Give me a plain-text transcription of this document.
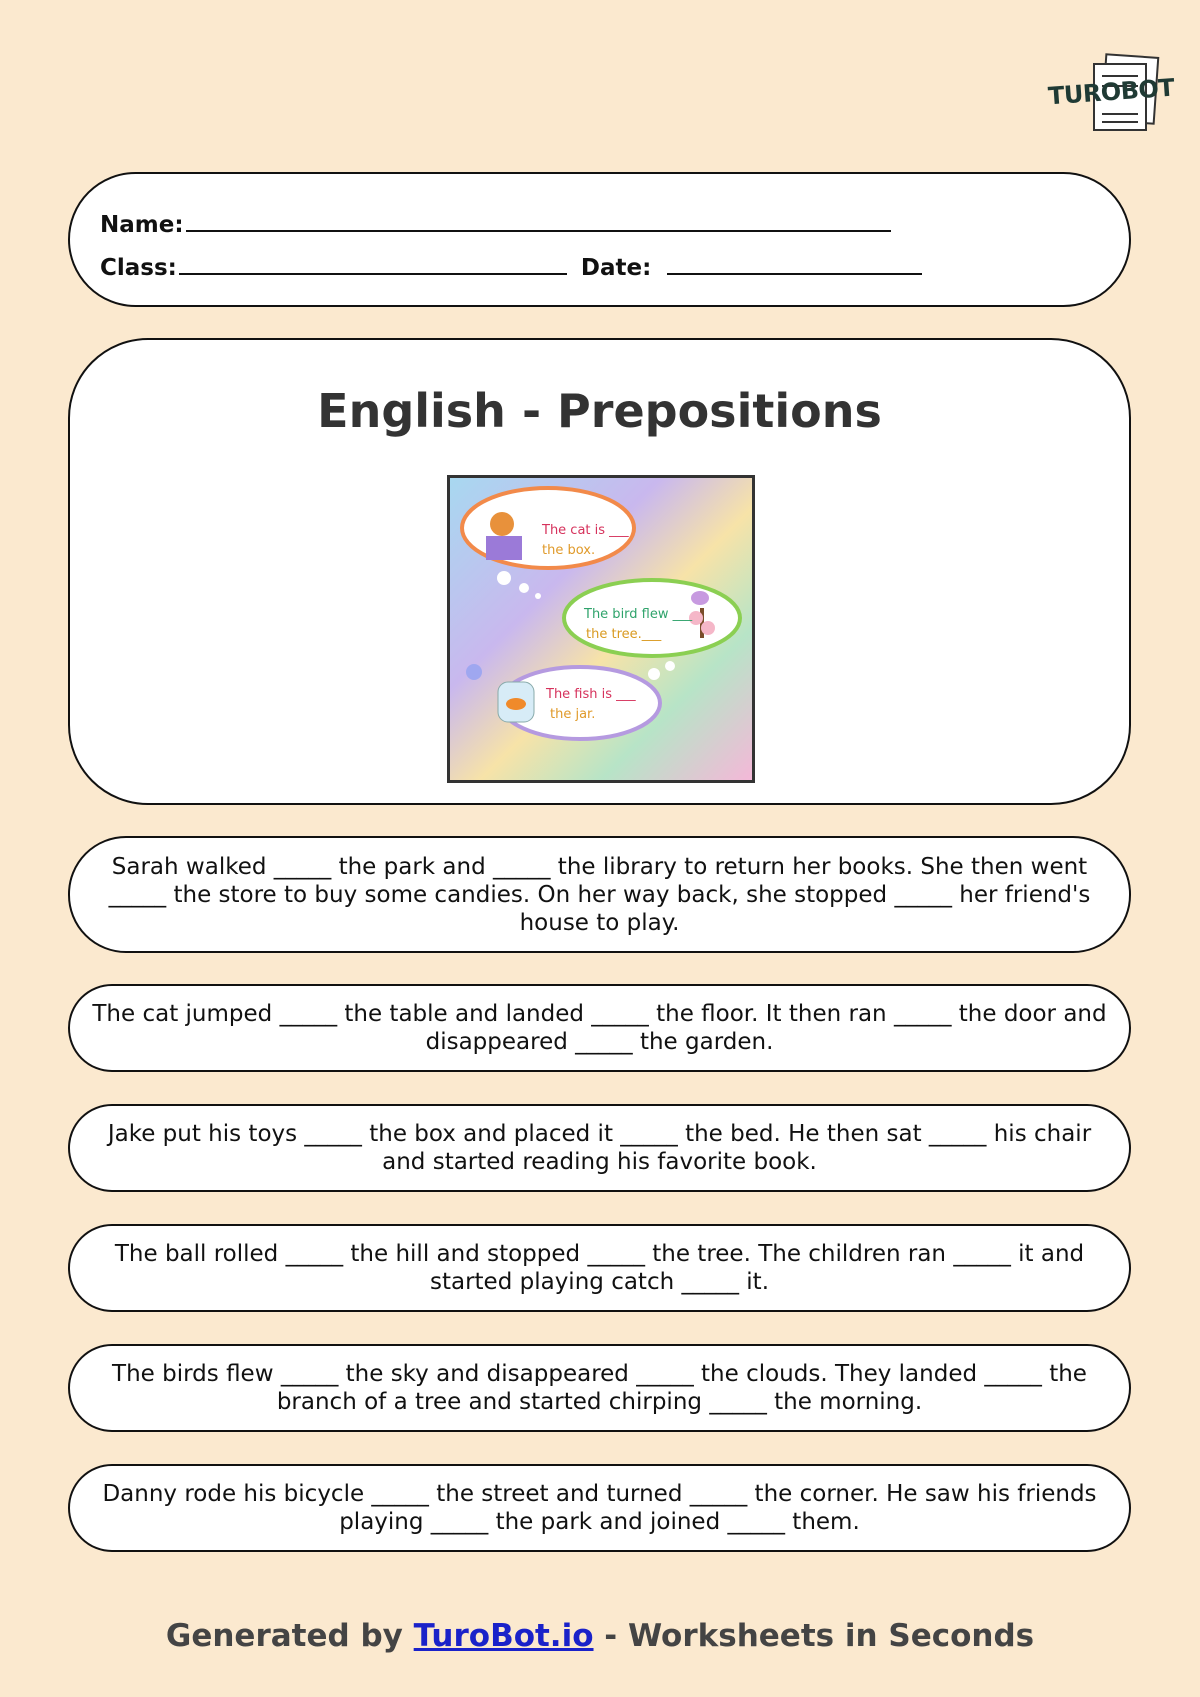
TUROBOT
Name:
Class:	Date:
English - Prepositions
The cat is ___
the box.
The bird flew ___
the tree.___
The fish is ___
the jar.
Sarah walked _____ the park and _____ the library to return her books. She then went _____ the store to buy some candies. On her way back, she stopped _____ her friend's house to play.
The cat jumped _____ the table and landed _____ the floor. It then ran _____ the door and disappeared _____ the garden.
Jake put his toys _____ the box and placed it _____ the bed. He then sat _____ his chair and started reading his favorite book.
The ball rolled _____ the hill and stopped _____ the tree. The children ran _____ it and started playing catch _____ it.
The birds flew _____ the sky and disappeared _____ the clouds. They landed _____ the branch of a tree and started chirping _____ the morning.
Danny rode his bicycle _____ the street and turned _____ the corner. He saw his friends playing _____ the park and joined _____ them.
Generated by TuroBot.io - Worksheets in Seconds
